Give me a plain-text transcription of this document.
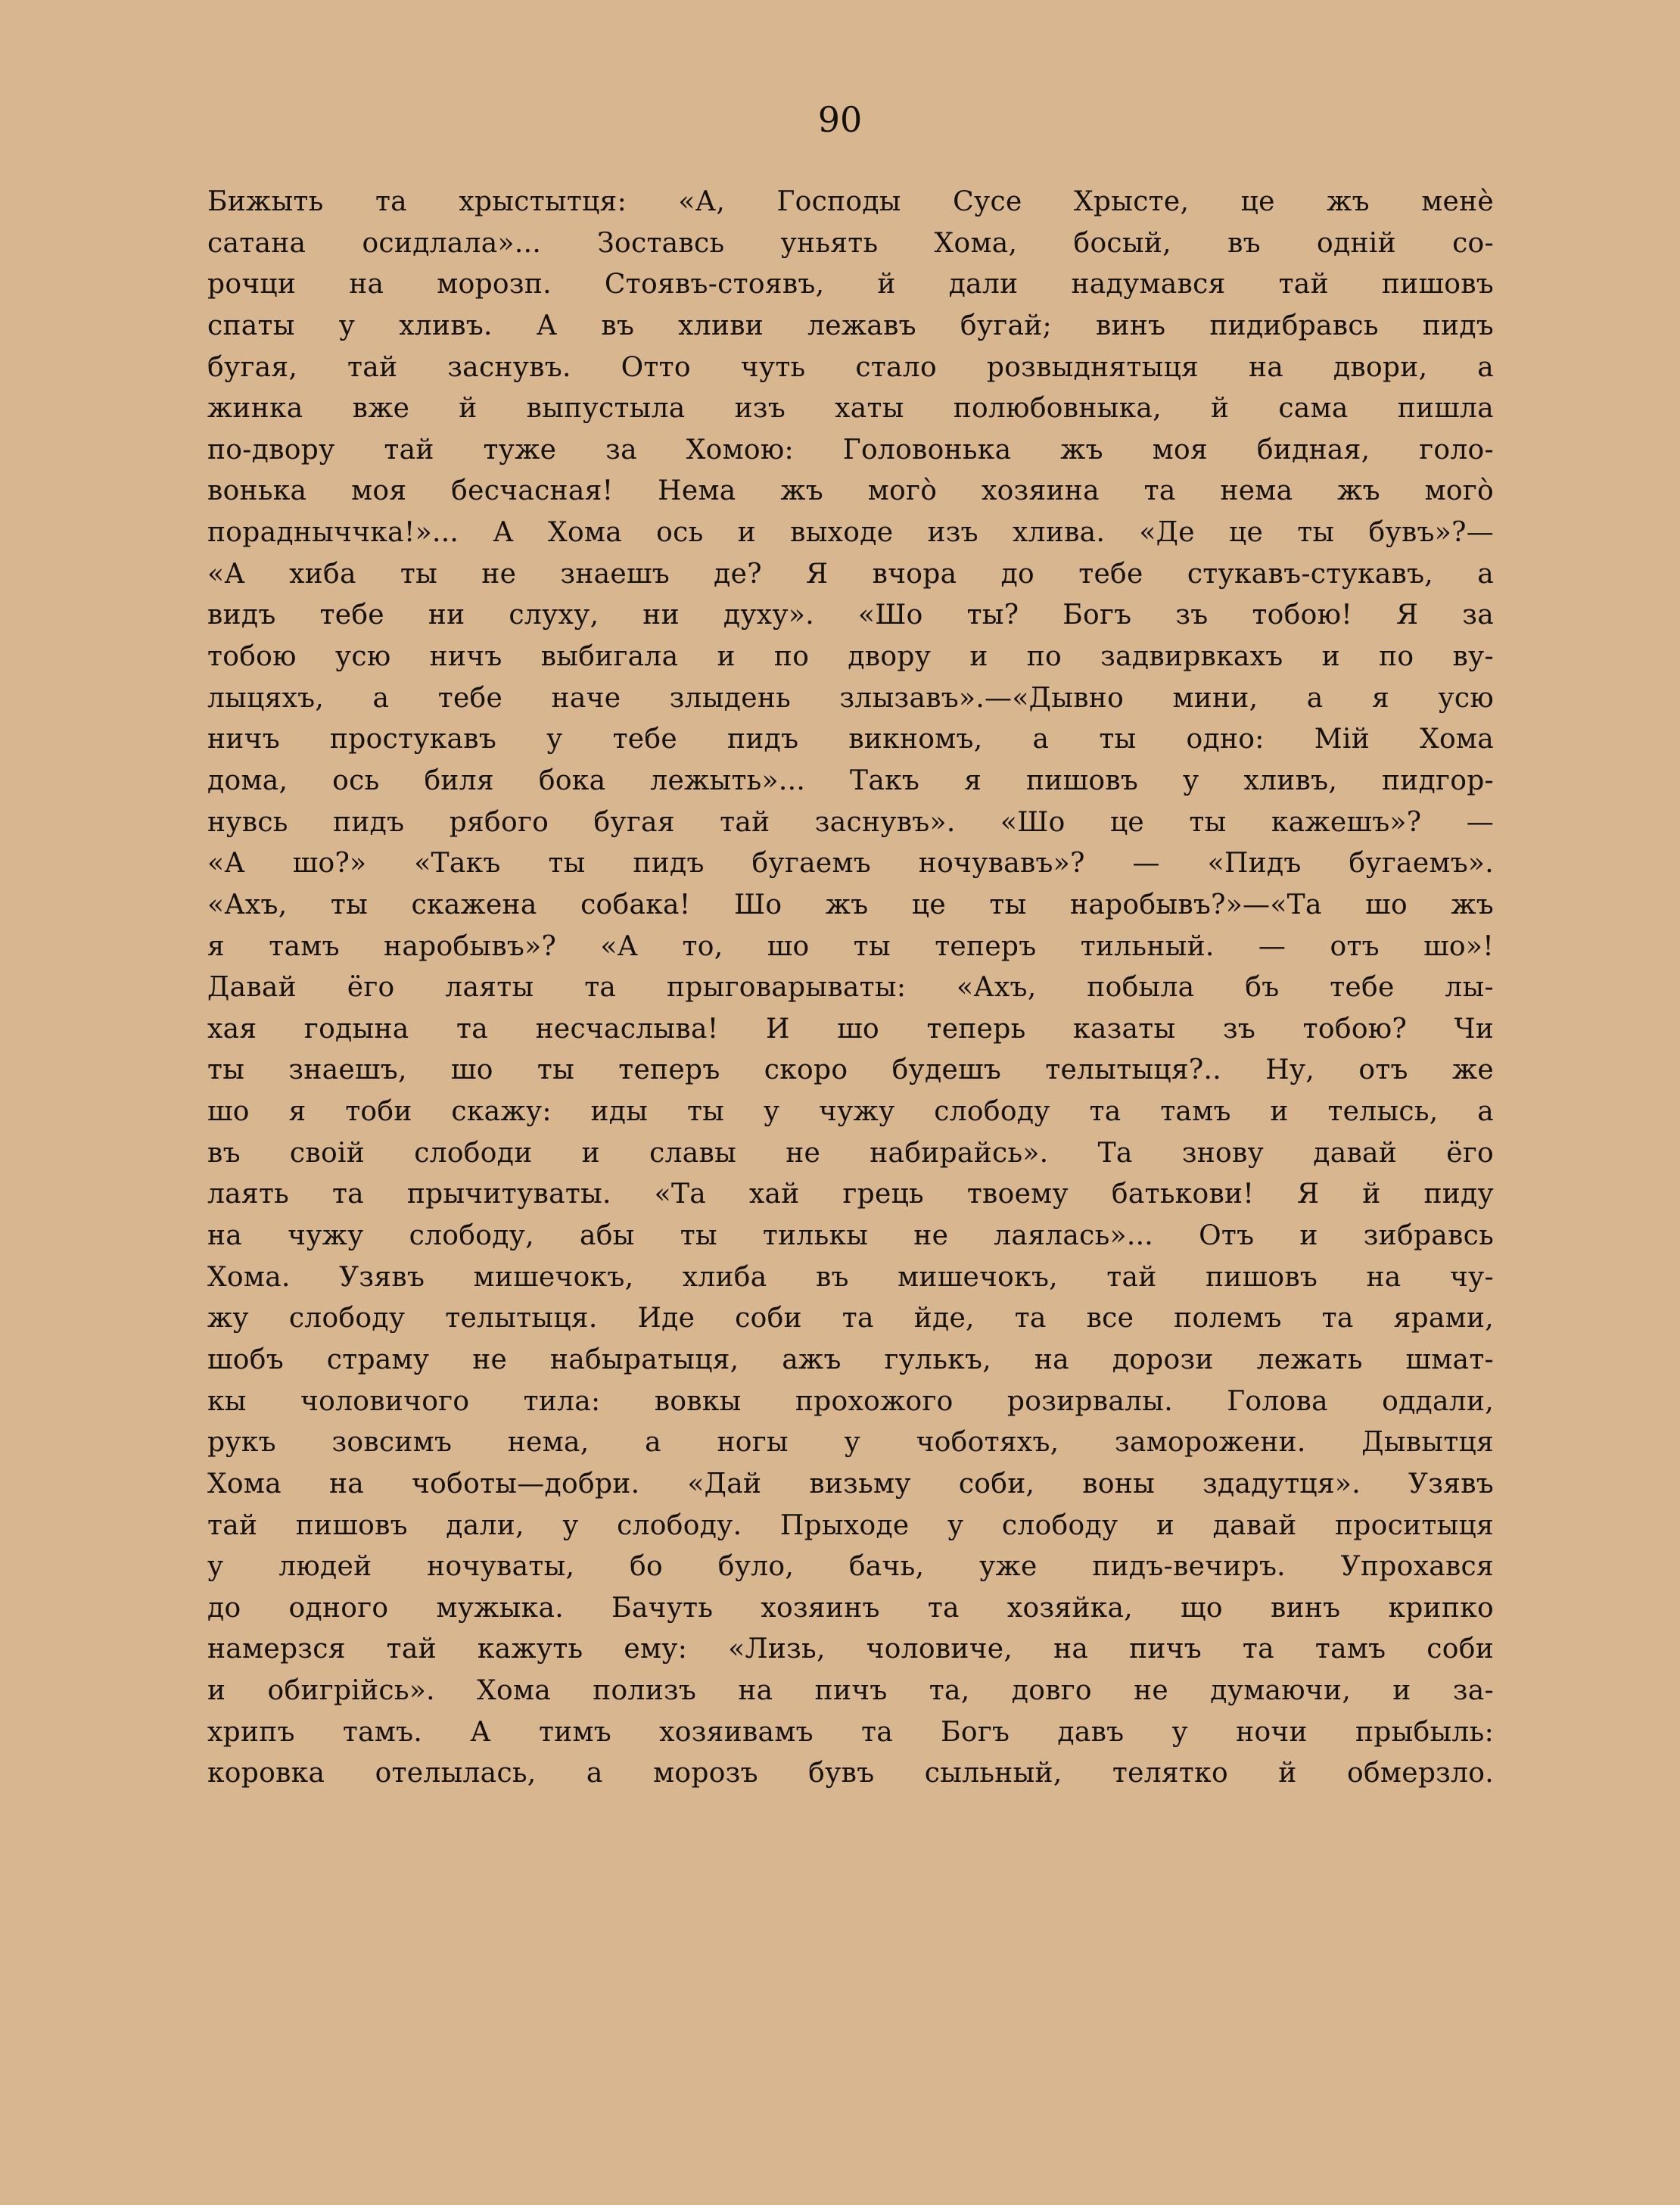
90
Бижыть та хрыстытця: «А, Господы Сусе Хрысте, це жъ менè
сатана осидлала»... Зоставсь уньять Хома, босый, въ одній со-
рочци на морозп. Стоявъ-стоявъ, й дали надумався тай пишовъ
спаты у хливъ. А въ хливи лежавъ бугай; винъ пидибравсь пидъ
бугая, тай заснувъ. Отто чуть стало розвыднятыця на двори, а
жинка вже й выпустыла изъ хаты полюбовныка, й сама пишла
по-двору тай туже за Хомою: Головонька жъ моя бидная, голо-
вонька моя бесчасная! Нема жъ могò хозяина та нема жъ могò
порадныччка!»... А Хома ось и выходе изъ хлива. «Де це ты бувъ»?—
«А хиба ты не знаешъ де? Я вчора до тебе стукавъ-стукавъ, а
видъ тебе ни слуху, ни духу». «Шо ты? Богъ зъ тобою! Я за
тобою усю ничъ выбигала и по двору и по задвирвкахъ и по ву-
лыцяхъ, а тебе наче злыдень злызавъ».—«Дывно мини, а я усю
ничъ простукавъ у тебе пидъ викномъ, а ты одно: Мій Хома
дома, ось биля бока лежыть»... Такъ я пишовъ у хливъ, пидгор-
нувсь пидъ рябого бугая тай заснувъ». «Шо це ты кажешъ»? —
«А шо?» «Такъ ты пидъ бугаемъ ночувавъ»? — «Пидъ бугаемъ».
«Ахъ, ты скажена собака! Шо жъ це ты наробывъ?»—«Та шо жъ
я тамъ наробывъ»? «А то, шо ты теперъ тильный. — отъ шо»!
Давай ёго лаяты та прыговарываты: «Ахъ, побыла бъ тебе лы-
хая годына та несчаслыва! И шо теперь казаты зъ тобою? Чи
ты знаешъ, шо ты теперъ скоро будешъ телытыця?.. Ну, отъ же
шо я тоби скажу: иды ты у чужу слободу та тамъ и телысь, а
въ своій слободи и славы не набирайсь». Та знову давай ёго
лаять та прычитуваты. «Та хай грець твоему батькови! Я й пиду
на чужу слободу, абы ты тилькы не лаялась»... Отъ и зибравсь
Хома. Узявъ мишечокъ, хлиба въ мишечокъ, тай пишовъ на чу-
жу слободу телытыця. Иде соби та йде, та все полемъ та ярами,
шобъ страму не набыратыця, ажъ гулькъ, на дорози лежать шмат-
кы чоловичого тила: вовкы прохожого розирвалы. Голова оддали,
рукъ зовсимъ нема, а ногы у чоботяхъ, заморожени. Дывытця
Хома на чоботы—добри. «Дай визьму соби, воны здадутця». Узявъ
тай пишовъ дали, у слободу. Прыходе у слободу и давай проситыця
у людей ночуваты, бо було, бачь, уже пидъ-вечиръ. Упрохався
до одного мужыка. Бачуть хозяинъ та хозяйка, що винъ крипко
намерзся тай кажуть ему: «Лизь, чоловиче, на пичъ та тамъ соби
и обигрійсь». Хома полизъ на пичъ та, довго не думаючи, и за-
хрипъ тамъ. А тимъ хозяивамъ та Богъ давъ у ночи прыбыль:
коровка отелылась, а морозъ бувъ сыльный, телятко й обмерзло.
